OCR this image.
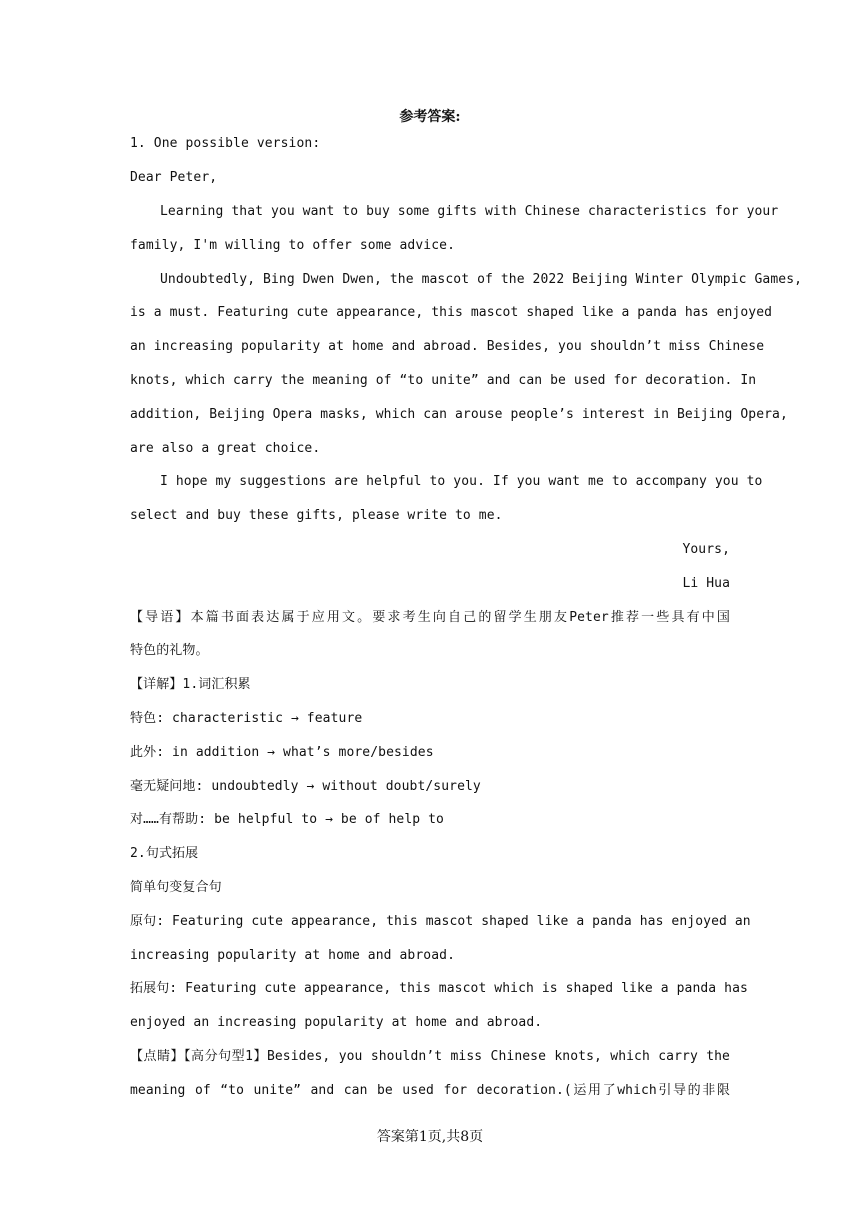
参考答案:
1. One possible version:
Dear Peter,
Learning that you want to buy some gifts with Chinese characteristics for your
family, I'm willing to offer some advice.
Undoubtedly, Bing Dwen Dwen, the mascot of the 2022 Beijing Winter Olympic Games,
is a must. Featuring cute appearance, this mascot shaped like a panda has enjoyed
an increasing popularity at home and abroad. Besides, you shouldn’t miss Chinese
knots, which carry the meaning of “to unite” and can be used for decoration. In
addition, Beijing Opera masks, which can arouse people’s interest in Beijing Opera,
are also a great choice.
I hope my suggestions are helpful to you. If you want me to accompany you to
select and buy these gifts, please write to me.
Yours,
Li Hua
【导语】本篇书面表达属于应用文。要求考生向自己的留学生朋友Peter推荐一些具有中国
特色的礼物。
【详解】1.词汇积累
特色: characteristic → feature
此外: in addition → what’s more/besides
毫无疑问地: undoubtedly → without doubt/surely
对……有帮助: be helpful to → be of help to
2.句式拓展
简单句变复合句
原句: Featuring cute appearance, this mascot shaped like a panda has enjoyed an
increasing popularity at home and abroad.
拓展句: Featuring cute appearance, this mascot which is shaped like a panda has
enjoyed an increasing popularity at home and abroad.
【点睛】【高分句型1】Besides, you shouldn’t miss Chinese knots, which carry the
meaning of “to unite” and can be used for decoration.(运用了which引导的非限
答案第1页,共8页
